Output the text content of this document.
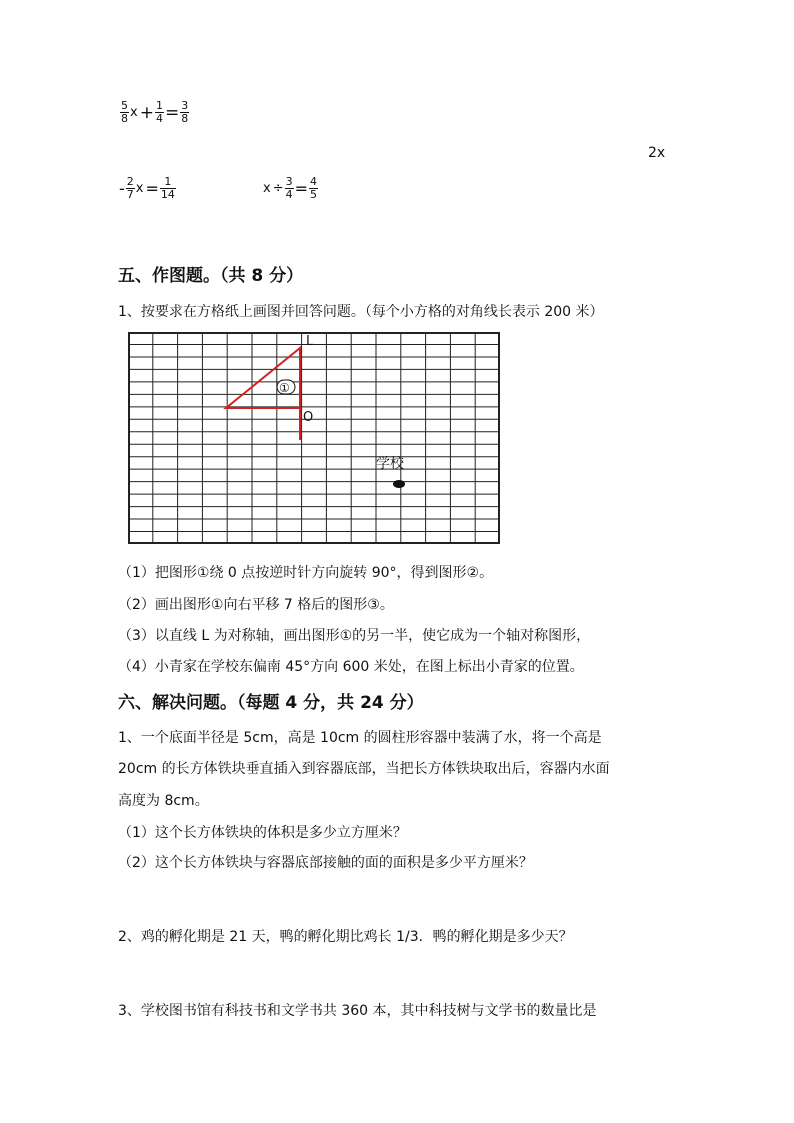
$\frac{5}{8}$ $x + \frac{1}{4} = \frac{3}{8}$
2x
- $\frac{2}{7}$ $x = \frac{1}{14}$	$x \div \frac{3}{4} = \frac{4}{5}$
五、作图题。（共 8 分）
1、按要求在方格纸上画图并回答问题。（每个小方格的对角线长表示 200 米）
L
①
O
学校
（1）把图形①绕 0 点按逆时针方向旋转 90°，得到图形②。
（2）画出图形①向右平移 7 格后的图形③。
（3）以直线 L 为对称轴，画出图形①的另一半，使它成为一个轴对称图形，
（4）小青家在学校东偏南 45°方向 600 米处，在图上标出小青家的位置。
六、解决问题。（每题 4 分，共 24 分）
1、一个底面半径是 5cm，高是 10cm 的圆柱形容器中装满了水，将一个高是
20cm 的长方体铁块垂直插入到容器底部，当把长方体铁块取出后，容器内水面
高度为 8cm。
（1）这个长方体铁块的体积是多少立方厘米？
（2）这个长方体铁块与容器底部接触的面的面积是多少平方厘米？
2、鸡的孵化期是 21 天，鸭的孵化期比鸡长 1/3．鸭的孵化期是多少天？
3、学校图书馆有科技书和文学书共 360 本，其中科技树与文学书的数量比是
